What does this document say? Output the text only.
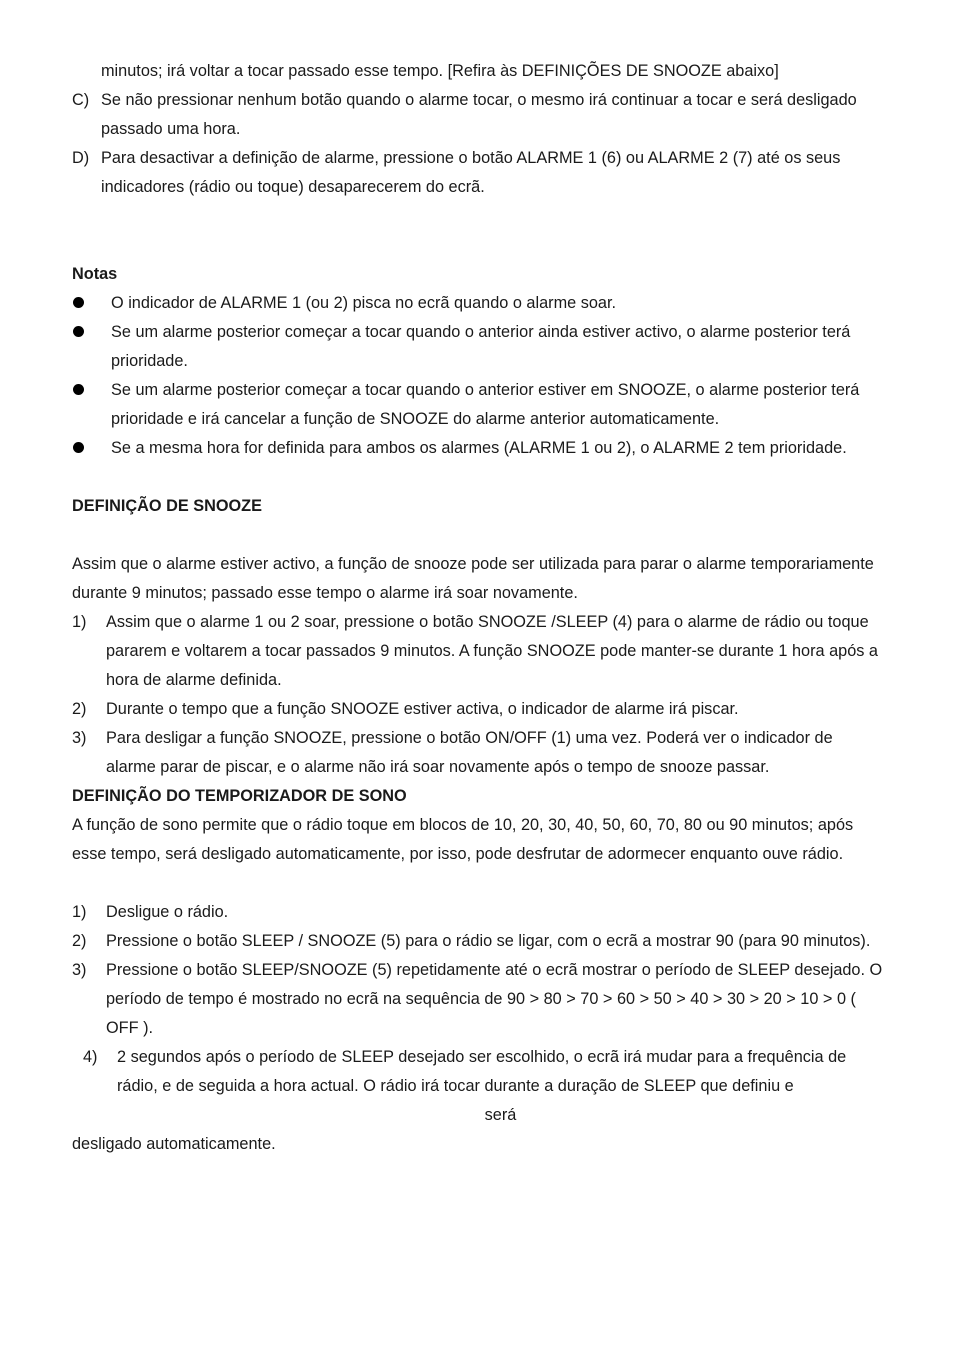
minutos; irá voltar a tocar passado esse tempo. [Refira às DEFINIÇÕES DE SNOOZE abaixo]
C) Se não pressionar nenhum botão quando o alarme tocar, o mesmo irá continuar a tocar e será desligado passado uma hora.
D) Para desactivar a definição de alarme, pressione o botão ALARME 1 (6) ou ALARME 2 (7) até os seus indicadores (rádio ou toque) desaparecerem do ecrã.
Notas
O indicador de ALARME 1 (ou 2) pisca no ecrã quando o alarme soar.
Se um alarme posterior começar a tocar quando o anterior ainda estiver activo, o alarme posterior terá prioridade.
Se um alarme posterior começar a tocar quando o anterior estiver em SNOOZE, o alarme posterior terá prioridade e irá cancelar a função de SNOOZE do alarme anterior automaticamente.
Se a mesma hora for definida para ambos os alarmes (ALARME 1 ou 2), o ALARME 2 tem prioridade.
DEFINIÇÃO DE SNOOZE
Assim que o alarme estiver activo, a função de snooze pode ser utilizada para parar o alarme temporariamente durante 9 minutos; passado esse tempo o alarme irá soar novamente.
1)	Assim que o alarme 1 ou 2 soar, pressione o botão SNOOZE /SLEEP (4) para o alarme de rádio ou toque pararem e voltarem a tocar passados 9 minutos. A função SNOOZE pode manter-se durante 1 hora após a hora de alarme definida.
2)	Durante o tempo que a função SNOOZE estiver activa, o indicador de alarme irá piscar.
3)	Para desligar a função SNOOZE, pressione o botão ON/OFF (1) uma vez. Poderá ver o indicador de alarme parar de piscar, e o alarme não irá soar novamente após o tempo de snooze passar.
DEFINIÇÃO DO TEMPORIZADOR DE SONO
A função de sono permite que o rádio toque em blocos de 10, 20, 30, 40, 50, 60, 70, 80 ou 90 minutos; após esse tempo, será desligado automaticamente, por isso, pode desfrutar de adormecer enquanto ouve rádio.
1)	Desligue o rádio.
2)	Pressione o botão SLEEP / SNOOZE (5) para o rádio se ligar, com o ecrã a mostrar 90 (para 90 minutos).
3)	Pressione o botão SLEEP/SNOOZE (5) repetidamente até o ecrã mostrar o período de SLEEP desejado. O período de tempo é mostrado no ecrã na sequência de 90 > 80 > 70 > 60 > 50 > 40 > 30 > 20 > 10 > 0 ( OFF ).
4)	2 segundos após o período de SLEEP desejado ser escolhido, o ecrã irá mudar para a frequência de rádio, e de seguida a hora actual. O rádio irá tocar durante a duração de SLEEP que definiu e
será
desligado automaticamente.
